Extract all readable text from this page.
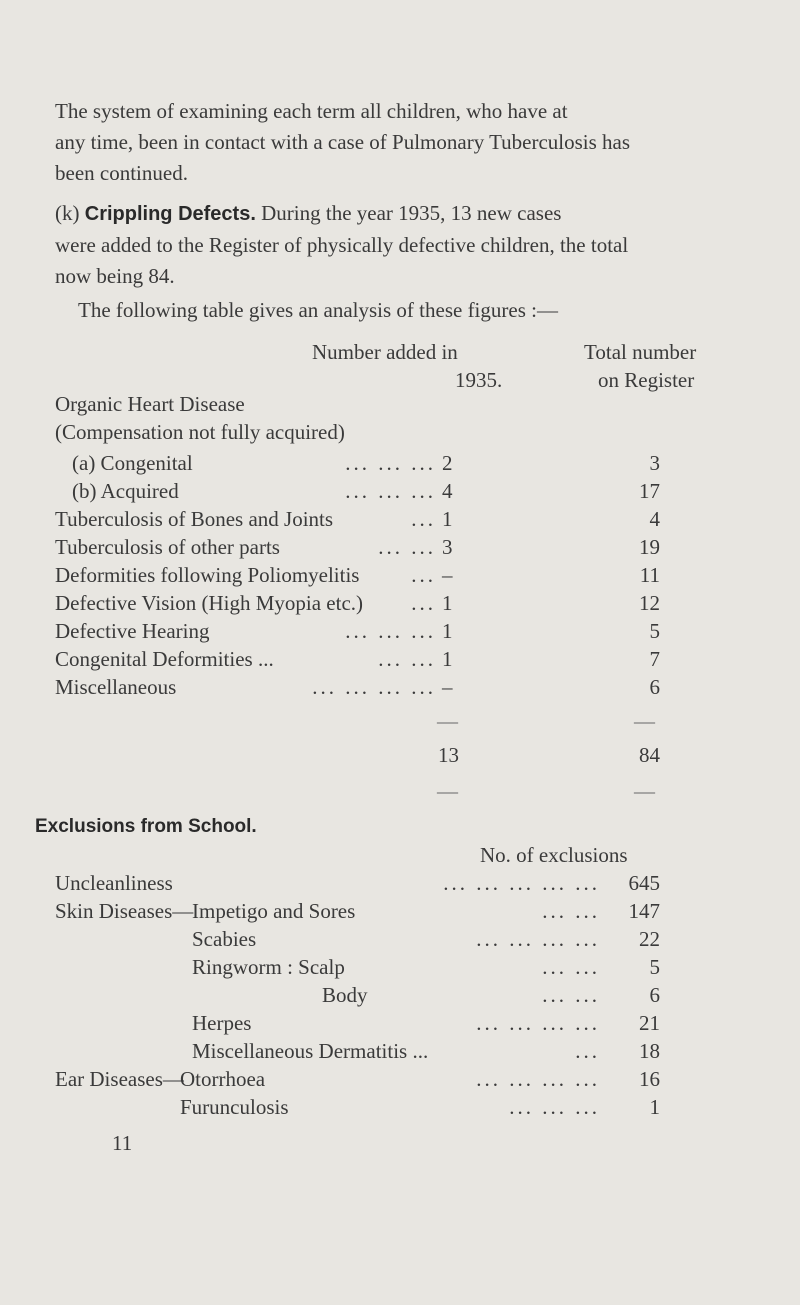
The system of examining each term all children, who have at
any time, been in contact with a case of Pulmonary Tuberculosis has
been continued.
(k) Crippling Defects. During the year 1935, 13 new cases
were added to the Register of physically defective children, the total
now being 84.
The following table gives an analysis of these figures :—
Number added in
1935.
Total number
on Register
Organic Heart Disease
(Compensation not fully acquired)
(a) Congenital	... ... ... 2	3
(b) Acquired	... ... ... 4	17
Tuberculosis of Bones and Joints	... 1	4
Tuberculosis of other parts	... ... 3	19
Deformities following Poliomyelitis	... –	11
Defective Vision (High Myopia etc.)	... 1	12
Defective Hearing	... ... ... 1	5
Congenital Deformities ...	... ... 1	7
Miscellaneous	... ... ... ... –	6
—	—
13	84
—	—
Exclusions from School.
No. of exclusions
Uncleanliness	... ... ... ... ...	645
Skin Diseases—
Impetigo and Sores	... ...	147
Scabies	... ... ... ...	22
Ringworm : Scalp	... ...	5
Body	... ...	6
Herpes	... ... ... ...	21
Miscellaneous Dermatitis ...	...	18
Ear Diseases—
Otorrhoea	... ... ... ...	16
Furunculosis	... ... ...	1
11
